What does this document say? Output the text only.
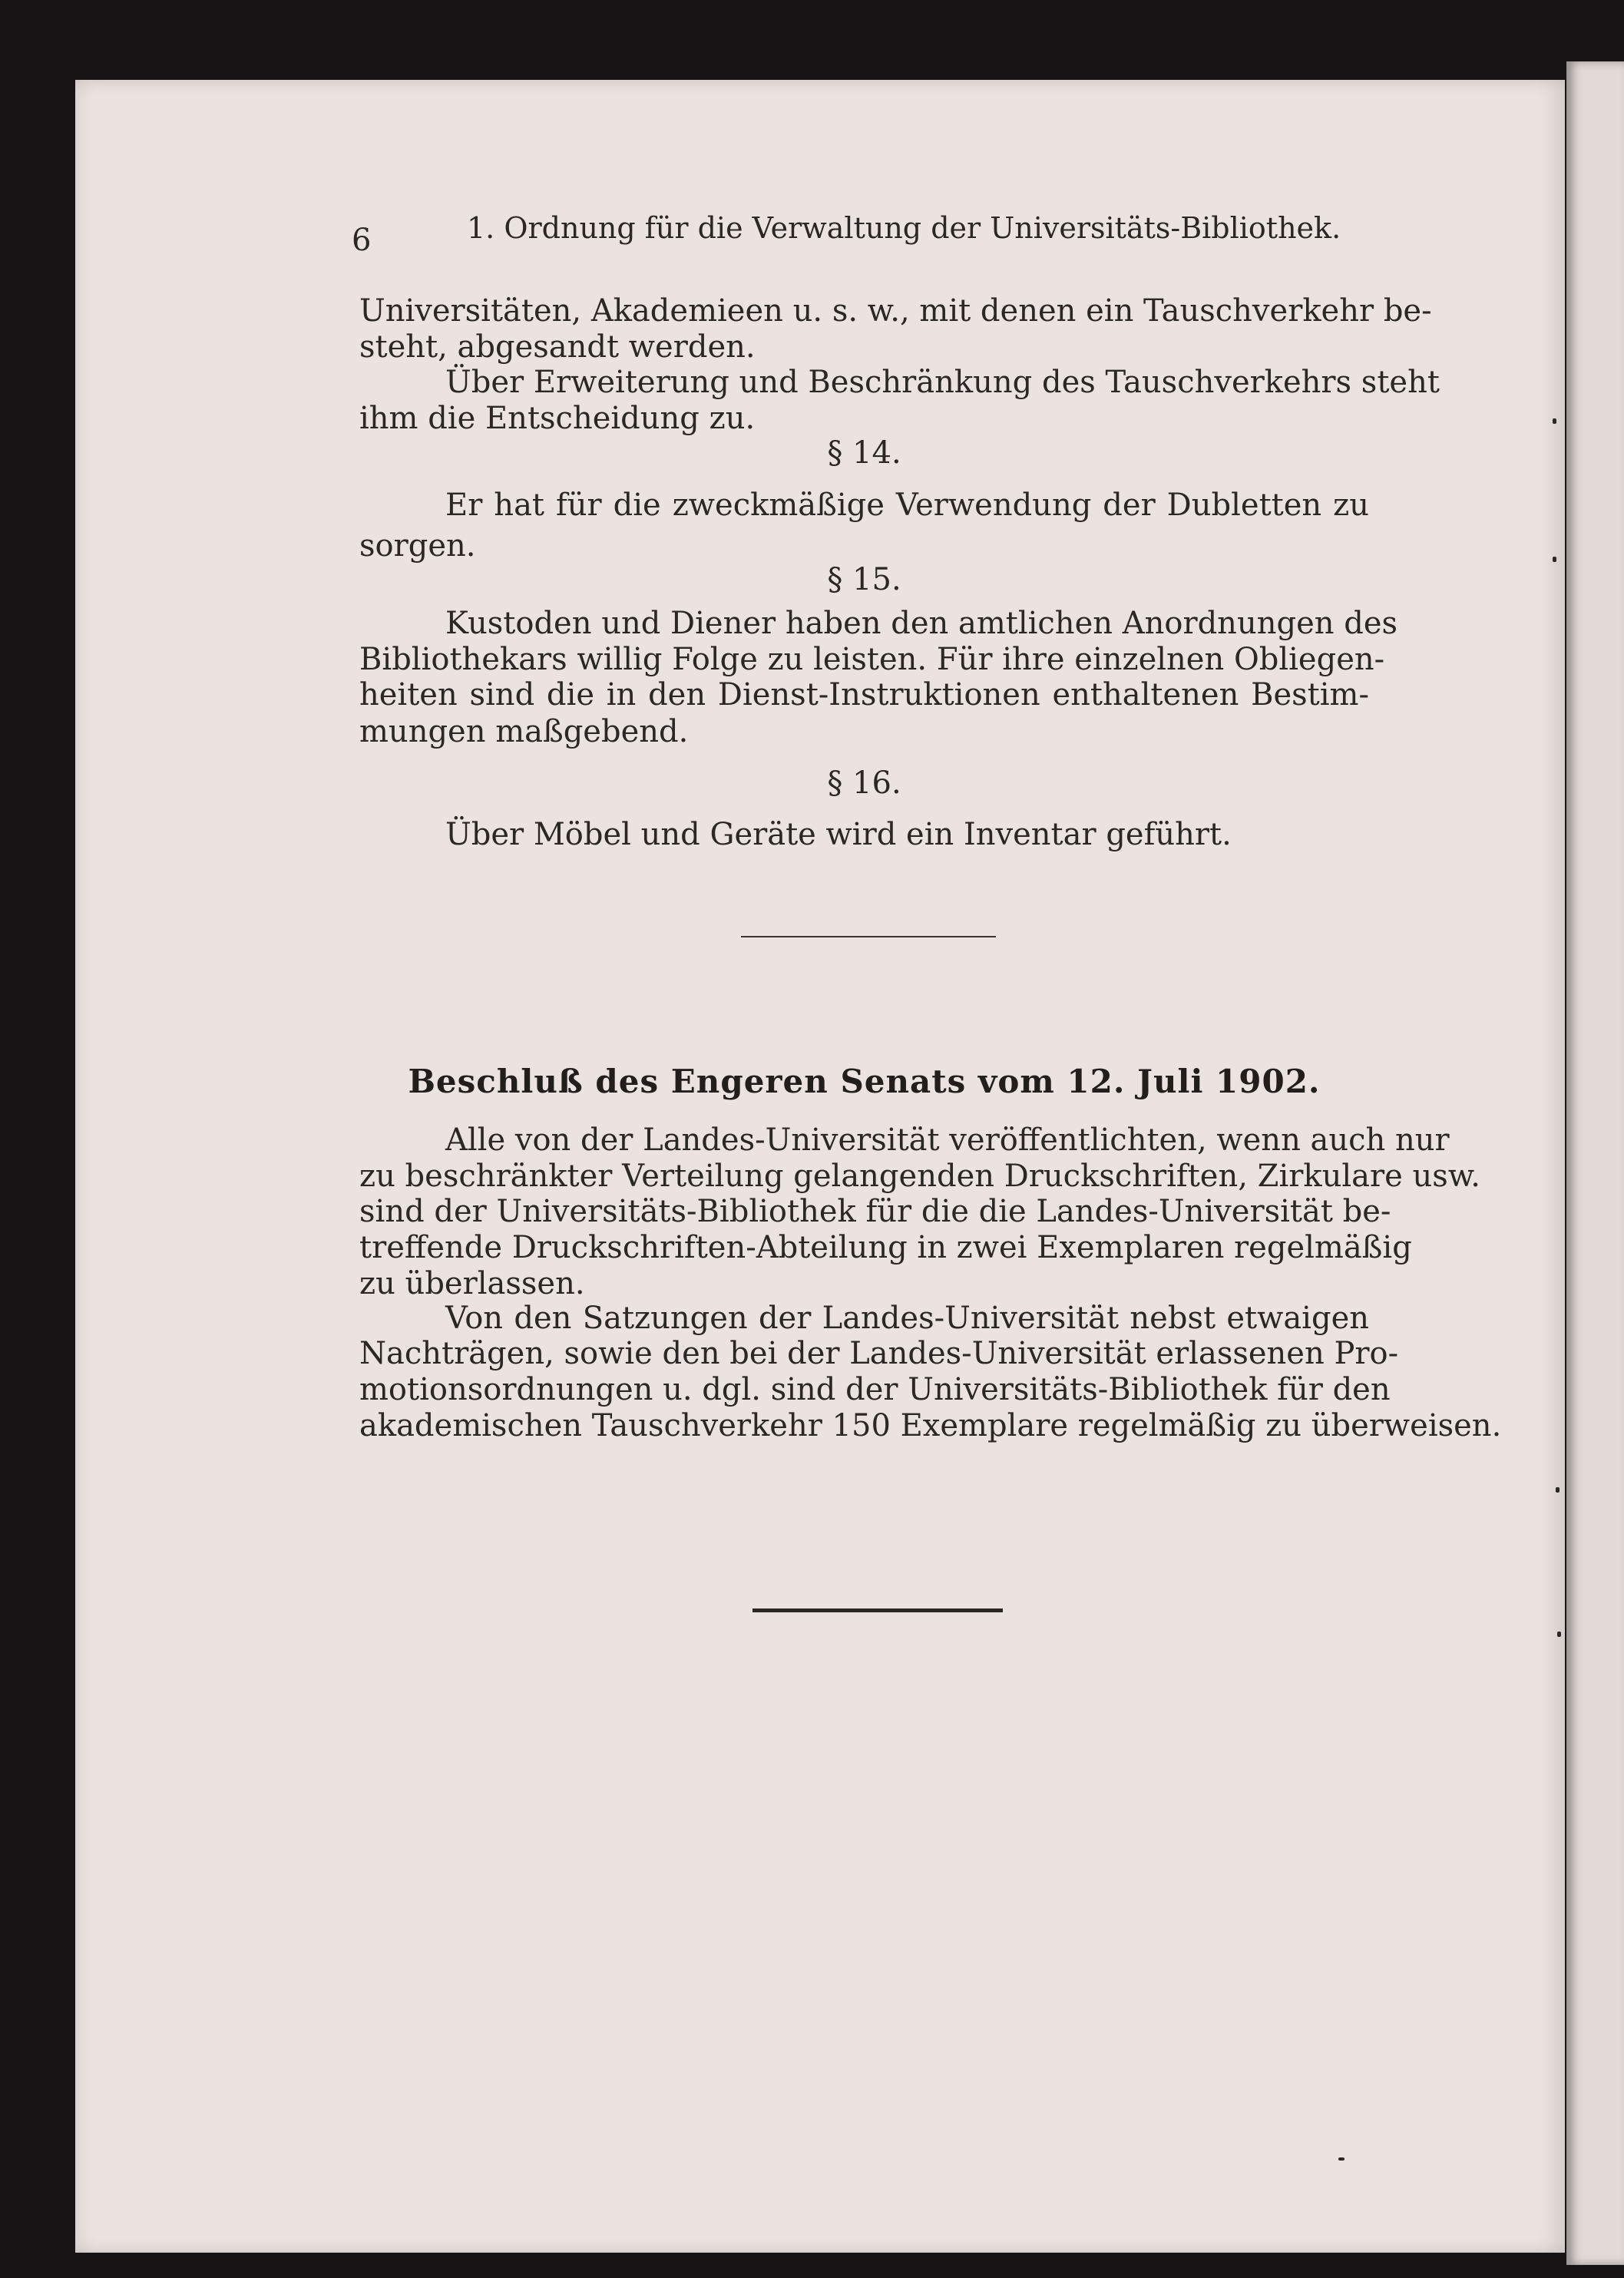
6	1. Ordnung für die Verwaltung der Universitäts-Bibliothek.
Universitäten, Akademieen u. s. w., mit denen ein Tauschverkehr be-
steht, abgesandt werden.
Über Erweiterung und Beschränkung des Tauschverkehrs steht
ihm die Entscheidung zu.
§ 14.
Er hat für die zweckmäßige Verwendung der Dubletten zu
sorgen.
§ 15.
Kustoden und Diener haben den amtlichen Anordnungen des
Bibliothekars willig Folge zu leisten. Für ihre einzelnen Obliegen-
heiten sind die in den Dienst-Instruktionen enthaltenen Bestim-
mungen maßgebend.
§ 16.
Über Möbel und Geräte wird ein Inventar geführt.
Beschluß des Engeren Senats vom 12. Juli 1902.
Alle von der Landes-Universität veröffentlichten, wenn auch nur
zu beschränkter Verteilung gelangenden Druckschriften, Zirkulare usw.
sind der Universitäts-Bibliothek für die die Landes-Universität be-
treffende Druckschriften-Abteilung in zwei Exemplaren regelmäßig
zu überlassen.
Von den Satzungen der Landes-Universität nebst etwaigen
Nachträgen, sowie den bei der Landes-Universität erlassenen Pro-
motionsordnungen u. dgl. sind der Universitäts-Bibliothek für den
akademischen Tauschverkehr 150 Exemplare regelmäßig zu überweisen.
